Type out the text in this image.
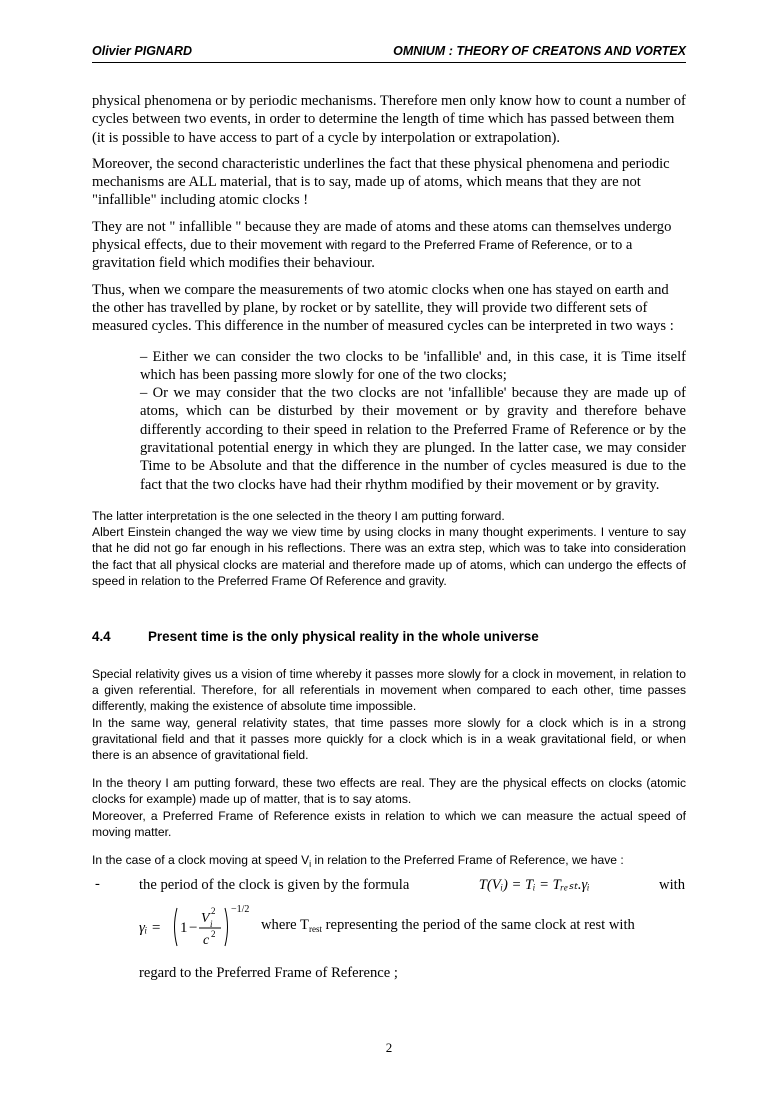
Olivier PIGNARD	OMNIUM : THEORY OF CREATONS AND VORTEX

physical phenomena or by periodic mechanisms. Therefore men only know how to count a number of cycles between two events, in order to determine the length of time which has passed between them (it is possible to have access to part of a cycle by interpolation or extrapolation).

Moreover, the second characteristic underlines the fact that these physical phenomena and periodic mechanisms are ALL material, that is to say, made up of atoms, which means that they are not "infallible" including atomic clocks !

They are not " infallible " because they are made of atoms and these atoms can themselves undergo physical effects, due to their movement with regard to the Preferred Frame of Reference, or to a gravitation field which modifies their behaviour.

Thus, when we compare the measurements of two atomic clocks when one has stayed on earth and the other has travelled by plane, by rocket or by satellite, they will provide two different sets of measured cycles. This difference in the number of measured cycles can be interpreted in two ways :

– Either we can consider the two clocks to be 'infallible' and, in this case, it is Time itself which has been passing more slowly for one of the two clocks;

– Or we may consider that the two clocks are not 'infallible' because they are made up of atoms, which can be disturbed by their movement or by gravity and therefore behave differently according to their speed in relation to the Preferred Frame of Reference or by the gravitational potential energy in which they are plunged. In the latter case, we may consider Time to be Absolute and that the difference in the number of cycles measured is due to the fact that the two clocks have had their rhythm modified by their movement or by gravity.

The latter interpretation is the one selected in the theory I am putting forward.

Albert Einstein changed the way we view time by using clocks in many thought experiments. I venture to say that he did not go far enough in his reflections. There was an extra step, which was to take into consideration the fact that all physical clocks are material and therefore made up of atoms, which can undergo the effects of speed in relation to the Preferred Frame Of Reference and gravity.

4.4	Present time is the only physical reality in the whole universe

Special relativity gives us a vision of time whereby it passes more slowly for a clock in movement, in relation to a given referential. Therefore, for all referentials in movement when compared to each other, time passes differently, making the existence of absolute time impossible.

In the same way, general relativity states, that time passes more slowly for a clock which is in a strong gravitational field and that it passes more quickly for a clock which is in a weak gravitational field, or when there is an absence of gravitational field.

In the theory I am putting forward, these two effects are real. They are the physical effects on clocks (atomic clocks for example) made up of matter, that is to say atoms.

Moreover, a Preferred Frame of Reference exists in relation to which we can measure the actual speed of moving matter.

In the case of a clock moving at speed $V_i$ in relation to the Preferred Frame of Reference, we have :

-	the period of the clock is given by the formula	T(Vᵢ) = Tᵢ = Tᵣₑₛₜ.γᵢ	with
γᵢ = 1 −
V i
2
c 2
−1/2
where $T_{rest}$ representing the period of the same clock at rest with

regard to the Preferred Frame of Reference ;

2
